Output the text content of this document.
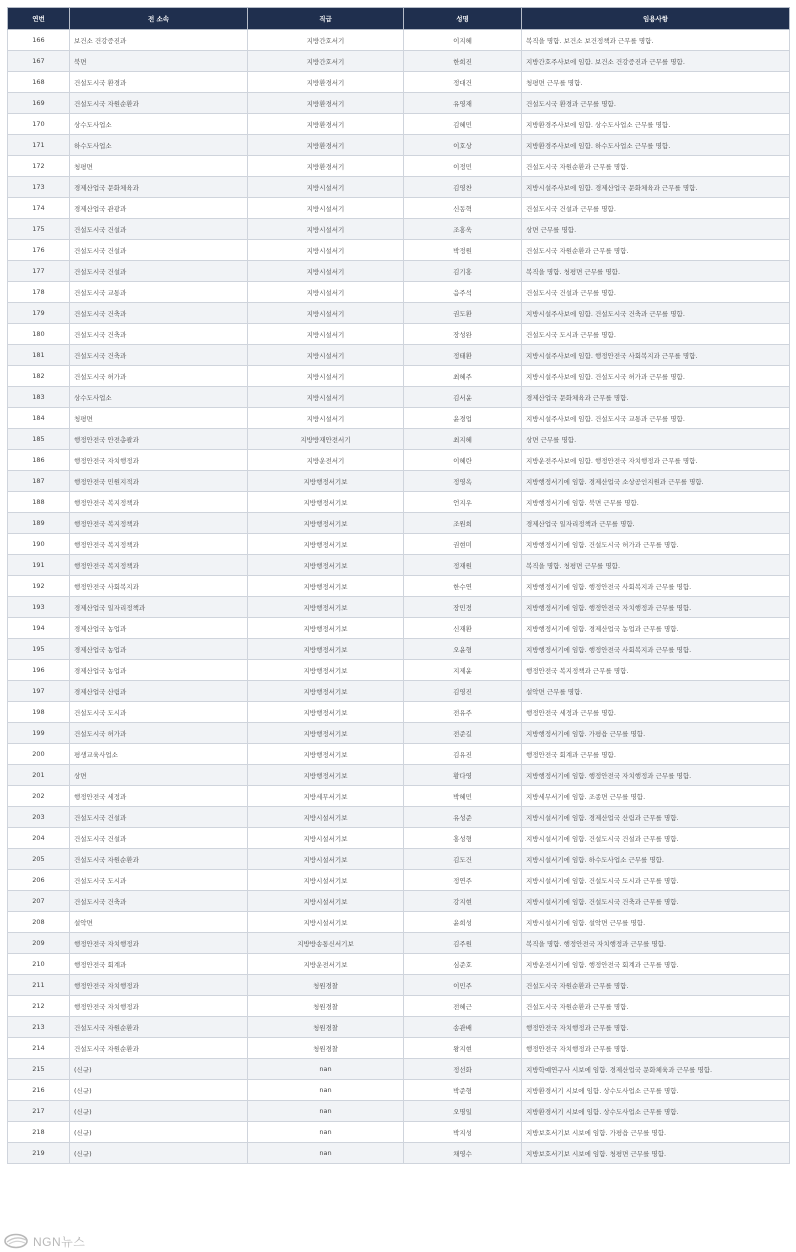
연번	전 소속	직급	성명	임용사항
166	보건소 건강증진과	지방간호서기	이지혜	복직을 명함. 보건소 보건정책과 근무를 명함.
167	북면	지방간호서기	한희진	지방간호주사보에 임함. 보건소 건강증진과 근무를 명함.
168	건설도시국 환경과	지방환경서기	정대건	청평면 근무를 명함.
169	건설도시국 자원순환과	지방환경서기	유영재	건설도시국 환경과 근무를 명함.
170	상수도사업소	지방환경서기	김혜민	지방환경주사보에 임함. 상수도사업소 근무를 명함.
171	하수도사업소	지방환경서기	이호상	지방환경주사보에 임함. 하수도사업소 근무를 명함.
172	청평면	지방환경서기	이정민	건설도시국 자원순환과 근무를 명함.
173	경제산업국 문화체육과	지방시설서기	김영찬	지방시설주사보에 임함. 경제산업국 문화체육과 근무를 명함.
174	경제산업국 관광과	지방시설서기	신동혁	건설도시국 건설과 근무를 명함.
175	건설도시국 건설과	지방시설서기	조홍욱	상면 근무를 명함.
176	건설도시국 건설과	지방시설서기	박정원	건설도시국 자원순환과 근무를 명함.
177	건설도시국 건설과	지방시설서기	김기홍	복직을 명함. 청평면 근무를 명함.
178	건설도시국 교통과	지방시설서기	음주석	건설도시국 건설과 근무를 명함.
179	건설도시국 건축과	지방시설서기	권도환	지방시설주사보에 임함. 건설도시국 건축과 근무를 명함.
180	건설도시국 건축과	지방시설서기	장성완	건설도시국 도시과 근무를 명함.
181	건설도시국 건축과	지방시설서기	정태환	지방시설주사보에 임함. 행정안전국 사회복지과 근무를 명함.
182	건설도시국 허가과	지방시설서기	최혜주	지방시설주사보에 임함. 건설도시국 허가과 근무를 명함.
183	상수도사업소	지방시설서기	김서윤	경제산업국 문화체육과 근무를 명함.
184	청평면	지방시설서기	윤경업	지방시설주사보에 임함. 건설도시국 교통과 근무를 명함.
185	행정안전국 안전총괄과	지방방재안전서기	최지혜	상면 근무를 명함.
186	행정안전국 자치행정과	지방운전서기	이혜란	지방운전주사보에 임함. 행정안전국 자치행정과 근무를 명함.
187	행정안전국 민원지적과	지방행정서기보	정영옥	지방행정서기에 임함. 경제산업국 소상공인지원과 근무를 명함.
188	행정안전국 복지정책과	지방행정서기보	언지우	지방행정서기에 임함. 북면 근무를 명함.
189	행정안전국 복지정책과	지방행정서기보	조원희	경제산업국 일자리정책과 근무를 명함.
190	행정안전국 복지정책과	지방행정서기보	권현미	지방행정서기에 임함. 건설도시국 허가과 근무를 명함.
191	행정안전국 복지정책과	지방행정서기보	정재원	복직을 명함. 청평면 근무를 명함.
192	행정안전국 사회복지과	지방행정서기보	한수연	지방행정서기에 임함. 행정안전국 사회복지과 근무를 명함.
193	경제산업국 일자리정책과	지방행정서기보	장민정	지방행정서기에 임함. 행정안전국 자치행정과 근무를 명함.
194	경제산업국 농업과	지방행정서기보	신재환	지방행정서기에 임함. 경제산업국 농업과 근무를 명함.
195	경제산업국 농업과	지방행정서기보	오윤형	지방행정서기에 임함. 행정안전국 사회복지과 근무를 명함.
196	경제산업국 농업과	지방행정서기보	지제윤	행정안전국 복지정책과 근무를 명함.
197	경제산업국 산림과	지방행정서기보	김영진	설악면 근무를 명함.
198	건설도시국 도시과	지방행정서기보	전유주	행정안전국 세정과 근무를 명함.
199	건설도시국 허가과	지방행정서기보	전준길	지방행정서기에 임함. 가평읍 근무를 명함.
200	평생교육사업소	지방행정서기보	김유진	행정안전국 회계과 근무를 명함.
201	상면	지방행정서기보	황다영	지방행정서기에 임함. 행정안전국 자치행정과 근무를 명함.
202	행정안전국 세정과	지방세무서기보	박혜민	지방세무서기에 임함. 조종면 근무를 명함.
203	건설도시국 건설과	지방시설서기보	유성준	지방시설서기에 임함. 경제산업국 산림과 근무를 명함.
204	건설도시국 건설과	지방시설서기보	홍성형	지방시설서기에 임함. 건설도시국 건설과 근무를 명함.
205	건설도시국 자원순환과	지방시설서기보	김도건	지방시설서기에 임함. 하수도사업소 근무를 명함.
206	건설도시국 도시과	지방시설서기보	정연주	지방시설서기에 임함. 건설도시국 도시과 근무를 명함.
207	건설도시국 건축과	지방시설서기보	강지현	지방시설서기에 임함. 건설도시국 건축과 근무를 명함.
208	설악면	지방시설서기보	윤희성	지방시설서기에 임함. 설악면 근무를 명함.
209	행정안전국 자치행정과	지방방송통신서기보	김주원	복직을 명함. 행정안전국 자치행정과 근무를 명함.
210	행정안전국 회계과	지방운전서기보	심준호	지방운전서기에 임함. 행정안전국 회계과 근무를 명함.
211	행정안전국 자치행정과	청원경찰	이민주	건설도시국 자원순환과 근무를 명함.
212	행정안전국 자치행정과	청원경찰	전혜근	건설도시국 자원순환과 근무를 명함.
213	건설도시국 자원순환과	청원경찰	송관배	행정안전국 자치행정과 근무를 명함.
214	건설도시국 자원순환과	청원경찰	왕지현	행정안전국 자치행정과 근무를 명함.
215	(신규)	nan	정선화	지방학예연구사 시보에 임함. 경제산업국 문화체육과 근무를 명함.
216	(신규)	nan	박준형	지방환경서기 시보에 임함. 상수도사업소 근무를 명함.
217	(신규)	nan	오명일	지방환경서기 시보에 임함. 상수도사업소 근무를 명함.
218	(신규)	nan	박지성	지방보호서기보 시보에 임함. 가평읍 근무를 명함.
219	(신규)	nan	채영수	지방보호서기보 시보에 임함. 청평면 근무를 명함.
NGN뉴스
